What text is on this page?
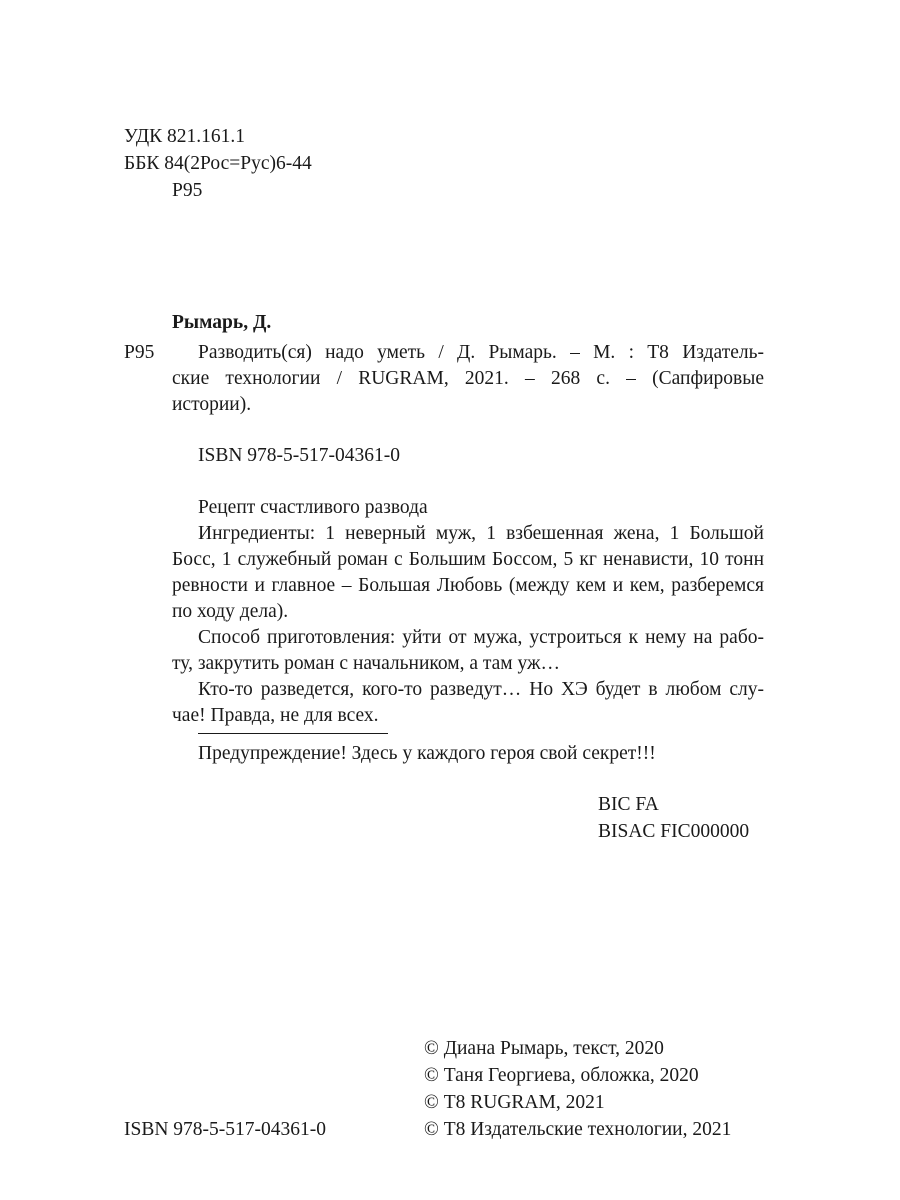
УДК 821.161.1
ББК 84(2Рос=Рус)6-44
Р95
Рымарь, Д.
Р95 Разводить(ся) надо уметь / Д. Рымарь. – М. : Т8 Издатель-
ские технологии / RUGRAM, 2021. – 268 с. – (Сапфировые
истории).
ISBN 978-5-517-04361-0
Рецепт счастливого развода
Ингредиенты: 1 неверный муж, 1 взбешенная жена, 1 Большой
Босс, 1 служебный роман с Большим Боссом, 5 кг ненависти, 10 тонн
ревности и главное – Большая Любовь (между кем и кем, разберемся
по ходу дела).
Способ приготовления: уйти от мужа, устроиться к нему на рабо-
ту, закрутить роман с начальником, а там уж…
Кто-то разведется, кого-то разведут… Но ХЭ будет в любом слу-
чае! Правда, не для всех.
Предупреждение! Здесь у каждого героя свой секрет!!!
BIC FA
BISAC FIC000000
© Диана Рымарь, текст, 2020
© Таня Георгиева, обложка, 2020
© Т8 RUGRAM, 2021
© Т8 Издательские технологии, 2021
ISBN 978-5-517-04361-0
